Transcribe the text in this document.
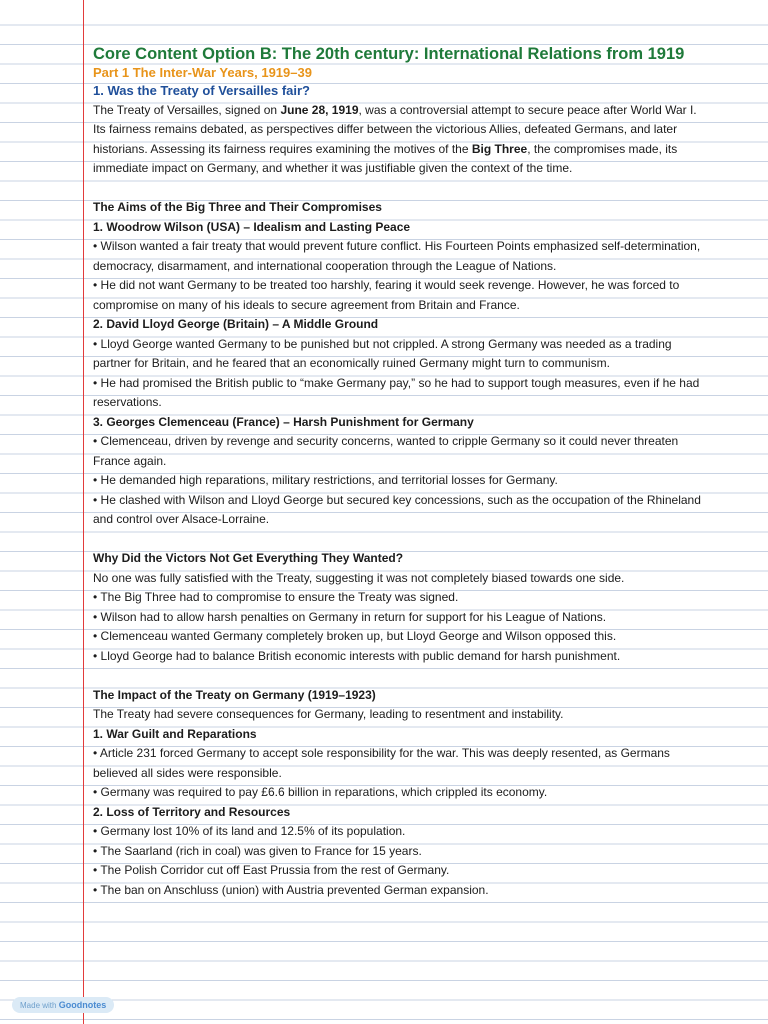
Core Content Option B: The 20th century: International Relations from 1919
Part 1 The Inter-War Years, 1919–39
1. Was the Treaty of Versailles fair?
The Treaty of Versailles, signed on June 28, 1919, was a controversial attempt to secure peace after World War I.
Its fairness remains debated, as perspectives differ between the victorious Allies, defeated Germans, and later
historians. Assessing its fairness requires examining the motives of the Big Three, the compromises made, its
immediate impact on Germany, and whether it was justifiable given the context of the time.
The Aims of the Big Three and Their Compromises
1. Woodrow Wilson (USA) – Idealism and Lasting Peace
• Wilson wanted a fair treaty that would prevent future conflict. His Fourteen Points emphasized self-determination,
democracy, disarmament, and international cooperation through the League of Nations.
• He did not want Germany to be treated too harshly, fearing it would seek revenge. However, he was forced to
compromise on many of his ideals to secure agreement from Britain and France.
2. David Lloyd George (Britain) – A Middle Ground
• Lloyd George wanted Germany to be punished but not crippled. A strong Germany was needed as a trading
partner for Britain, and he feared that an economically ruined Germany might turn to communism.
• He had promised the British public to “make Germany pay,” so he had to support tough measures, even if he had
reservations.
3. Georges Clemenceau (France) – Harsh Punishment for Germany
• Clemenceau, driven by revenge and security concerns, wanted to cripple Germany so it could never threaten
France again.
• He demanded high reparations, military restrictions, and territorial losses for Germany.
• He clashed with Wilson and Lloyd George but secured key concessions, such as the occupation of the Rhineland
and control over Alsace-Lorraine.
Why Did the Victors Not Get Everything They Wanted?
No one was fully satisfied with the Treaty, suggesting it was not completely biased towards one side.
• The Big Three had to compromise to ensure the Treaty was signed.
• Wilson had to allow harsh penalties on Germany in return for support for his League of Nations.
• Clemenceau wanted Germany completely broken up, but Lloyd George and Wilson opposed this.
• Lloyd George had to balance British economic interests with public demand for harsh punishment.
The Impact of the Treaty on Germany (1919–1923)
The Treaty had severe consequences for Germany, leading to resentment and instability.
1. War Guilt and Reparations
• Article 231 forced Germany to accept sole responsibility for the war. This was deeply resented, as Germans
believed all sides were responsible.
• Germany was required to pay £6.6 billion in reparations, which crippled its economy.
2. Loss of Territory and Resources
• Germany lost 10% of its land and 12.5% of its population.
• The Saarland (rich in coal) was given to France for 15 years.
• The Polish Corridor cut off East Prussia from the rest of Germany.
• The ban on Anschluss (union) with Austria prevented German expansion.
Made with Goodnotes
